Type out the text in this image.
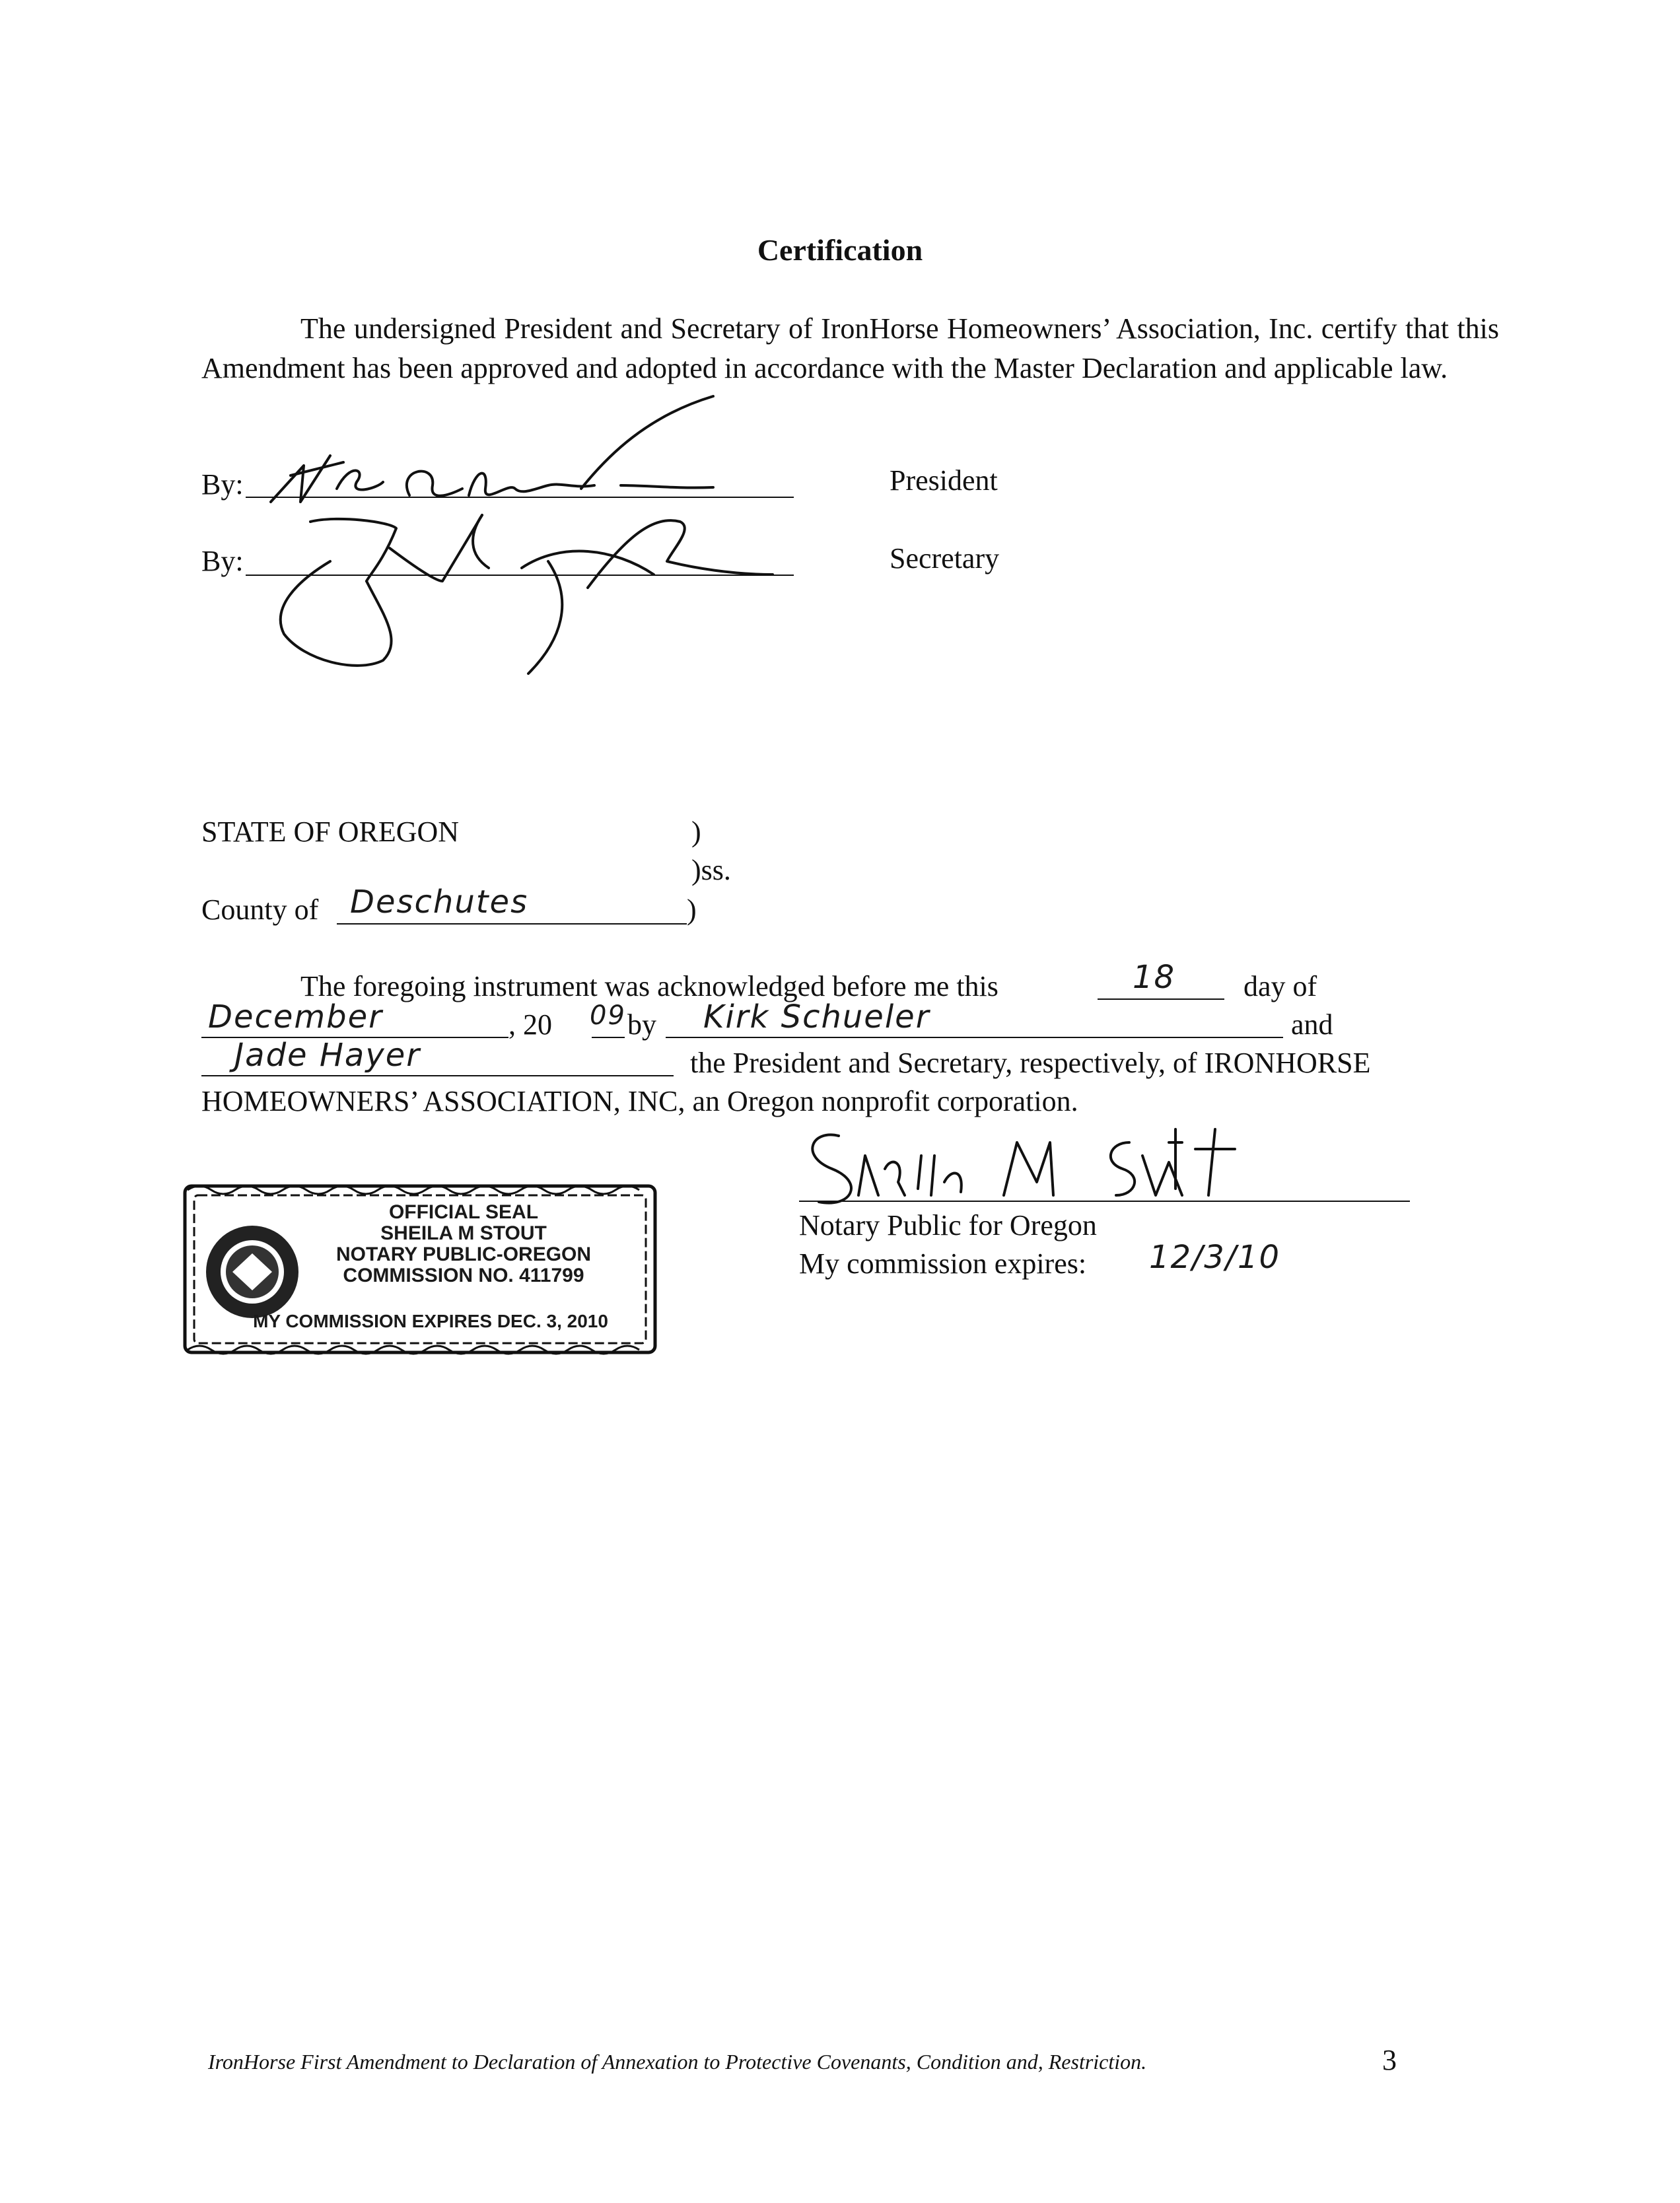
Certification

The undersigned President and Secretary of IronHorse Homeowners’ Association, Inc. certify that this Amendment has been approved and adopted in accordance with the Master Declaration and applicable law.

By:	President
By:	Secretary
STATE OF OREGON	)
)ss.
County of Deschutes	)
The foregoing instrument was acknowledged before me this	18 day of
December	, 20 09 by Kirk Schueler	and
Jade Hayer	the President and Secretary, respectively, of IRONHORSE
HOMEOWNERS’ ASSOCIATION, INC, an Oregon nonprofit corporation.
Notary Public for Oregon
My commission expires: 12/3/10
OFFICIAL SEAL
SHEILA M STOUT
NOTARY PUBLIC-OREGON
COMMISSION NO. 411799
MY COMMISSION EXPIRES DEC. 3, 2010
IronHorse First Amendment to Declaration of Annexation to Protective Covenants, Condition and, Restriction.	3
